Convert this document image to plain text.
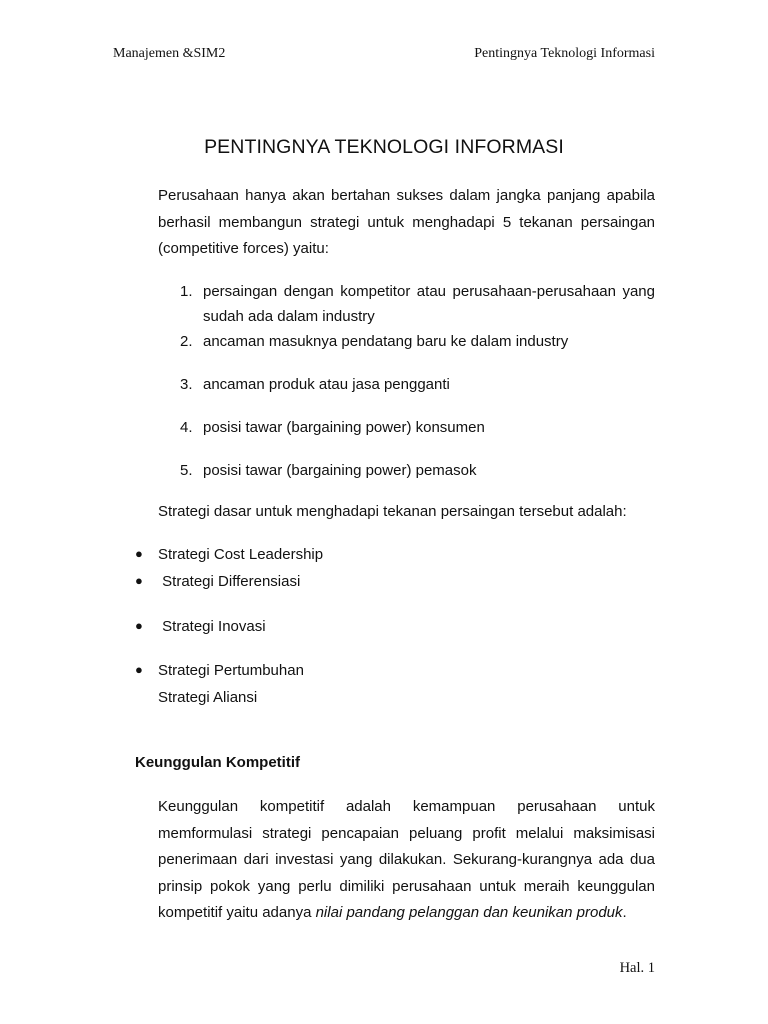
Manajemen &SIM2	Pentingnya Teknologi Informasi
PENTINGNYA TEKNOLOGI INFORMASI

Perusahaan hanya akan bertahan sukses dalam jangka panjang apabila berhasil membangun strategi untuk menghadapi 5 tekanan persaingan (competitive forces) yaitu:

1. persaingan dengan kompetitor atau perusahaan-perusahaan yang sudah ada dalam industry
2. ancaman masuknya pendatang baru ke dalam industry
3. ancaman produk atau jasa pengganti
4. posisi tawar (bargaining power) konsumen
5. posisi tawar (bargaining power) pemasok
Strategi dasar untuk menghadapi tekanan persaingan tersebut adalah:
● Strategi Cost Leadership
● Strategi Differensiasi
● Strategi Inovasi
● Strategi Pertumbuhan
Strategi Aliansi
Keunggulan Kompetitif

Keunggulan kompetitif adalah kemampuan perusahaan untuk memformulasi strategi pencapaian peluang profit melalui maksimisasi penerimaan dari investasi yang dilakukan. Sekurang-kurangnya ada dua prinsip pokok yang perlu dimiliki perusahaan untuk meraih keunggulan kompetitif yaitu adanya nilai pandang pelanggan dan keunikan produk.

Hal. 1
